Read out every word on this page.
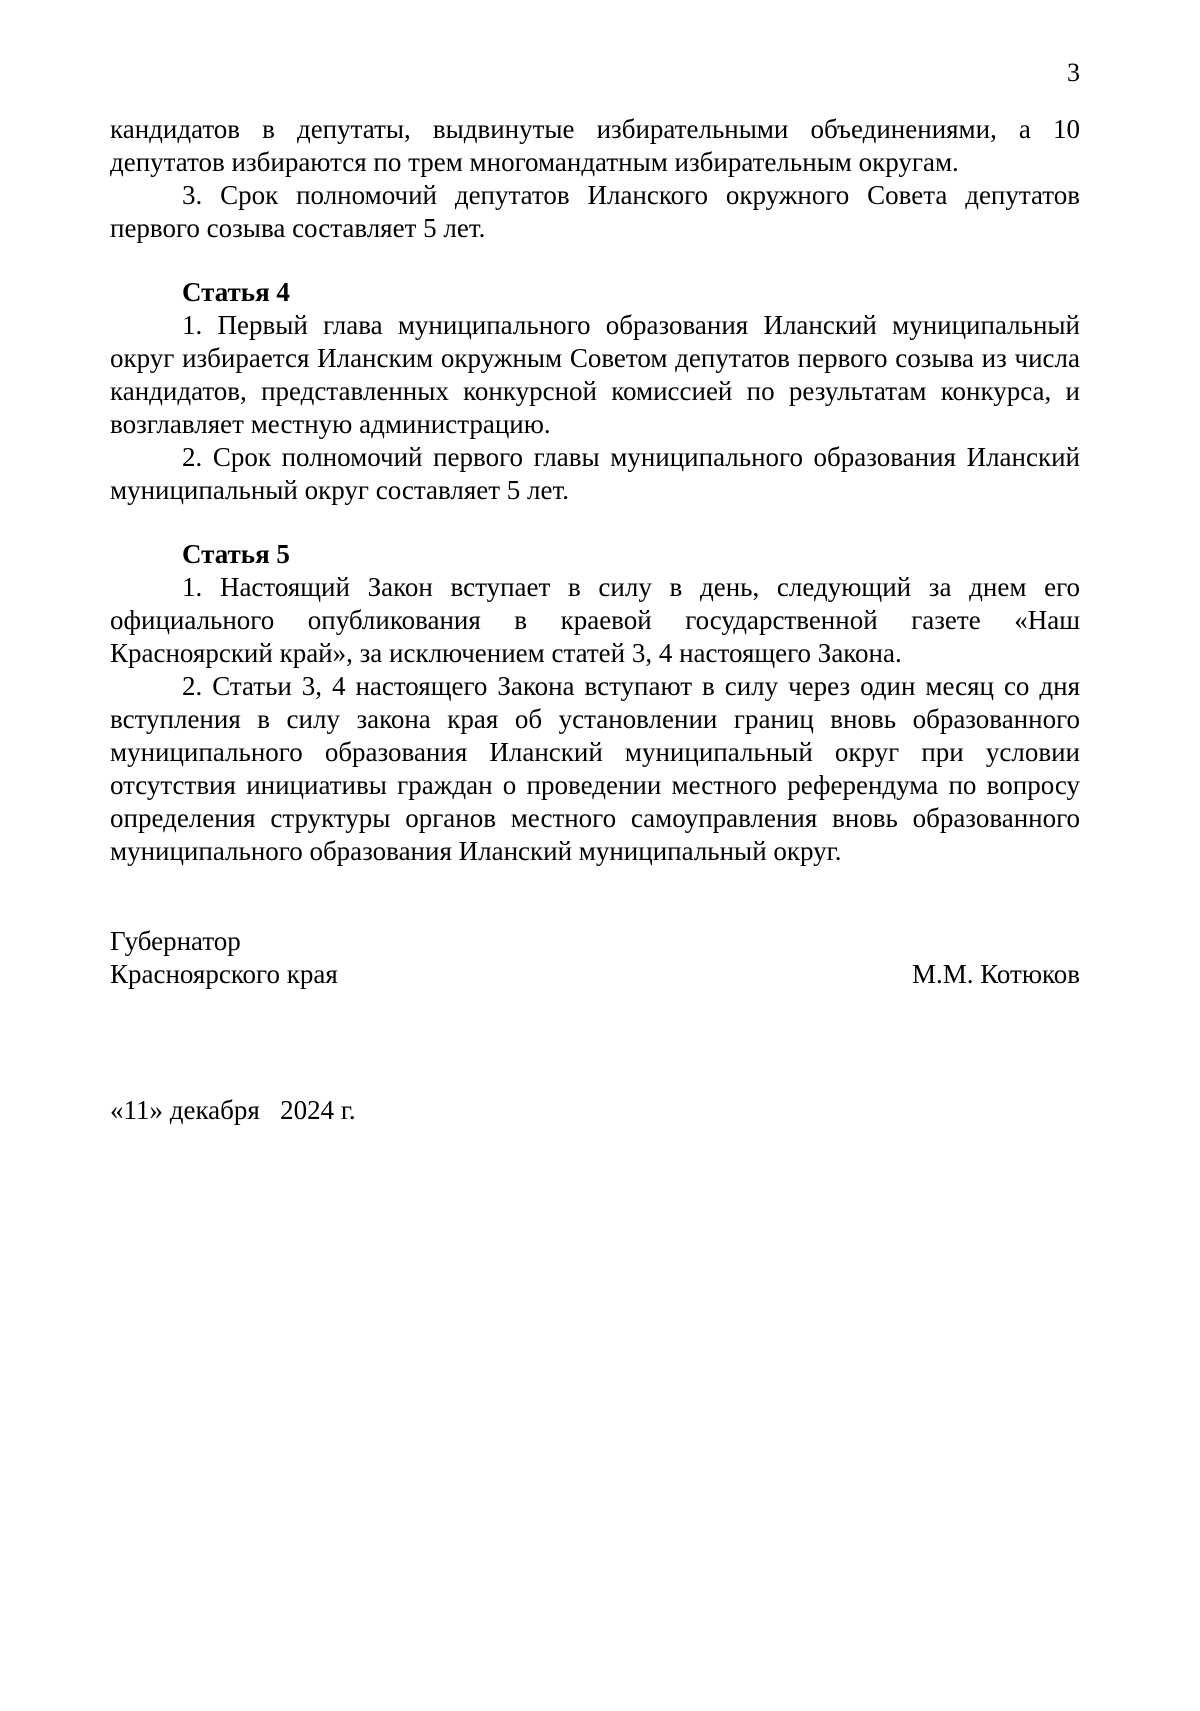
3

кандидатов в депутаты, выдвинутые избирательными объединениями, а 10 депутатов избираются по трем многомандатным избирательным округам.

3. Срок полномочий депутатов Иланского окружного Совета депутатов первого созыва составляет 5 лет.

Статья 4

1. Первый глава муниципального образования Иланский муниципальный округ избирается Иланским окружным Советом депутатов первого созыва из числа кандидатов, представленных конкурсной комиссией по результатам конкурса, и возглавляет местную администрацию.

2. Срок полномочий первого главы муниципального образования Иланский муниципальный округ составляет 5 лет.

Статья 5

1. Настоящий Закон вступает в силу в день, следующий за днем его официального опубликования в краевой государственной газете «Наш Красноярский край», за исключением статей 3, 4 настоящего Закона.

2. Статьи 3, 4 настоящего Закона вступают в силу через один месяц со дня вступления в силу закона края об установлении границ вновь образованного муниципального образования Иланский муниципальный округ при условии отсутствия инициативы граждан о проведении местного референдума по вопросу определения структуры органов местного самоуправления вновь образованного муниципального образования Иланский муниципальный округ.

Губернатор
Красноярского края	М.М. Котюков
«11» декабря   2024 г.
